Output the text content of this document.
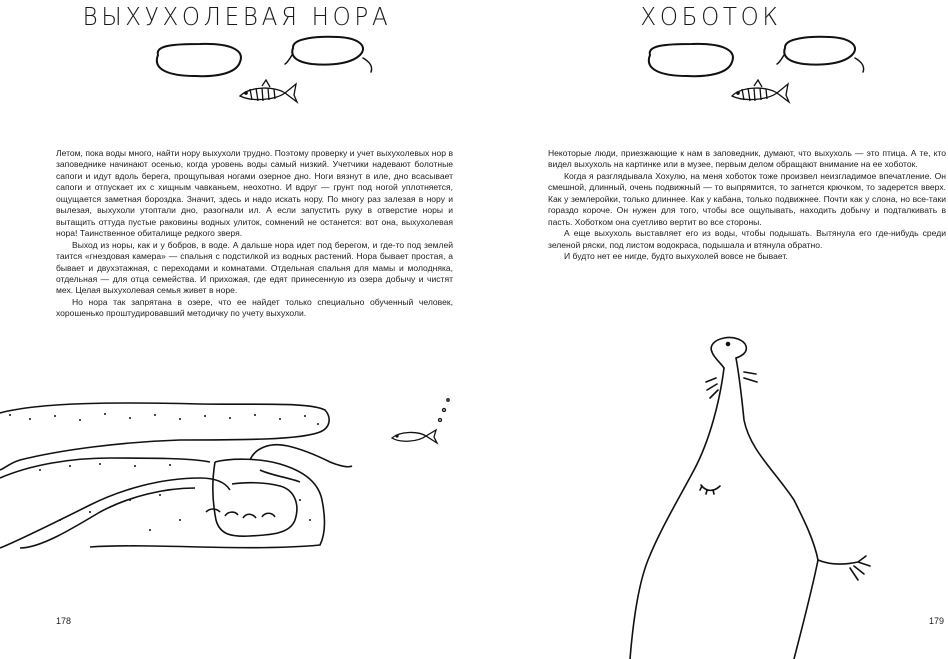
ВЫХУХОЛЕВАЯ НОРА

Летом, пока воды много, найти нору выхухоли трудно. Поэтому проверку и учет выхухолевых нор в заповеднике начинают осенью, когда уровень воды самый низкий. Учетчики надевают болотные сапоги и идут вдоль берега, прощупывая ногами озерное дно. Ноги вязнут в иле, дно всасывает сапоги и отпускает их с хищным чавканьем, неохотно. И вдруг — грунт под ногой уплотняется, ощущается заметная бороздка. Значит, здесь и надо искать нору. По многу раз залезая в нору и вылезая, выхухоли утоптали дно, разогнали ил. А если запустить руку в отверстие норы и вытащить оттуда пустые раковины водных улиток, сомнений не останется: вот она, выхухолевая нора! Таинственное обиталище редкого зверя.

Выход из норы, как и у бобров, в воде. А дальше нора идет под берегом, и где-то под землей таится «гнездовая камера» — спальня с подстилкой из водных растений. Нора бывает простая, а бывает и двухэтажная, с переходами и комнатами. Отдельная спальня для мамы и молодняка, отдельная — для отца семейства. И прихожая, где едят принесенную из озера добычу и чистят мех. Целая выхухолевая семья живет в норе.

Но нора так запрятана в озере, что ее найдет только специально обученный человек, хорошенько проштудировавший методичку по учету выхухоли.

178
ХОБОТОК

Некоторые люди, приезжающие к нам в заповедник, думают, что выхухоль — это птица. А те, кто видел выхухоль на картинке или в музее, первым делом обращают внимание на ее хоботок.

Когда я разглядывала Хохулю, на меня хоботок тоже произвел неизгладимое впечатление. Он смешной, длинный, очень подвижный — то выпрямится, то загнется крючком, то задерется вверх. Как у землеройки, только длиннее. Как у кабана, только подвижнее. Почти как у слона, но все-таки гораздо короче. Он нужен для того, чтобы все ощупывать, находить добычу и подталкивать в пасть. Хоботком она суетливо вертит во все стороны.

А еще выхухоль выставляет его из воды, чтобы подышать. Вытянула его где-нибудь среди зеленой ряски, под листом водокраса, подышала и втянула обратно.

И будто нет ее нигде, будто выхухолей вовсе не бывает.

179
